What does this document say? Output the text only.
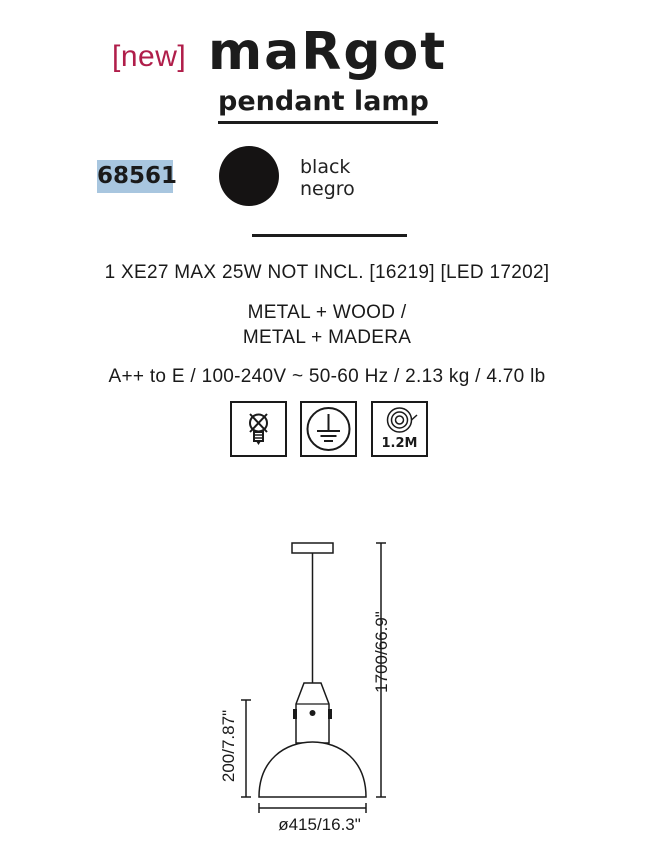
[new] maRgot
pendant lamp
68561	black
negro
1 XE27 MAX 25W NOT INCL. [16219] [LED 17202]
METAL + WOOD /
METAL + MADERA
A++ to E / 100-240V ~ 50-60 Hz / 2.13 kg / 4.70 lb
1.2M
1700/66.9"
200/7.87"
ø415/16.3"
